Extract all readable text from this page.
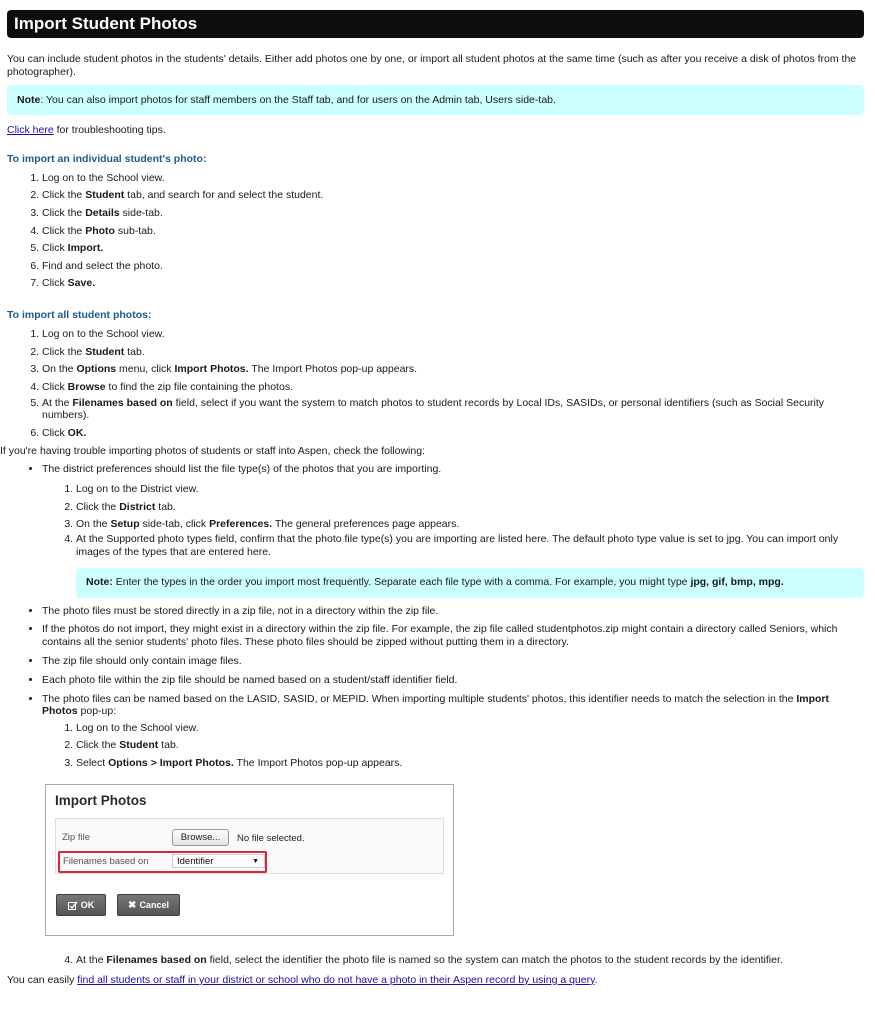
Import Student Photos

You can include student photos in the students' details. Either add photos one by one, or import all student photos at the same time (such as after you receive a disk of photos from the photographer).

Note: You can also import photos for staff members on the Staff tab, and for users on the Admin tab, Users side-tab.

Click here for troubleshooting tips.

To import an individual student's photo:
1. Log on to the School view.
2. Click the Student tab, and search for and select the student.
3. Click the Details side-tab.
4. Click the Photo sub-tab.
5. Click Import.
6. Find and select the photo.
7. Click Save.
To import all student photos:
1. Log on to the School view.
2. Click the Student tab.
3. On the Options menu, click Import Photos. The Import Photos pop-up appears.
4. Click Browse to find the zip file containing the photos.
5. At the Filenames based on field, select if you want the system to match photos to student records by Local IDs, SASIDs, or personal identifiers (such as Social Security numbers).
6. Click OK.

If you're having trouble importing photos of students or staff into Aspen, check the following:

• The district preferences should list the file type(s) of the photos that you are importing.
1. Log on to the District view.
2. Click the District tab.
3. On the Setup side-tab, click Preferences. The general preferences page appears.
4. At the Supported photo types field, confirm that the photo file type(s) you are importing are listed here. The default photo type value is set to jpg. You can import only images of the types that are entered here.
Note: Enter the types in the order you import most frequently. Separate each file type with a comma. For example, you might type jpg, gif, bmp, mpg.
• The photo files must be stored directly in a zip file, not in a directory within the zip file.
• If the photos do not import, they might exist in a directory within the zip file. For example, the zip file called studentphotos.zip might contain a directory called Seniors, which contains all the senior students' photo files. These photo files should be zipped without putting them in a directory.
• The zip file should only contain image files.
• Each photo file within the zip file should be named based on a student/staff identifier field.
• The photo files can be named based on the LASID, SASID, or MEPID. When importing multiple students' photos, this identifier needs to match the selection in the Import Photos pop-up:
1. Log on to the School view.
2. Click the Student tab.
3. Select Options > Import Photos. The Import Photos pop-up appears.
Import Photos
Zip file	Browse...	No file selected.
Filenames based on	Identifier	▼
OK	✖ Cancel
4. At the Filenames based on field, select the identifier the photo file is named so the system can match the photos to the student records by the identifier.

You can easily find all students or staff in your district or school who do not have a photo in their Aspen record by using a query.
